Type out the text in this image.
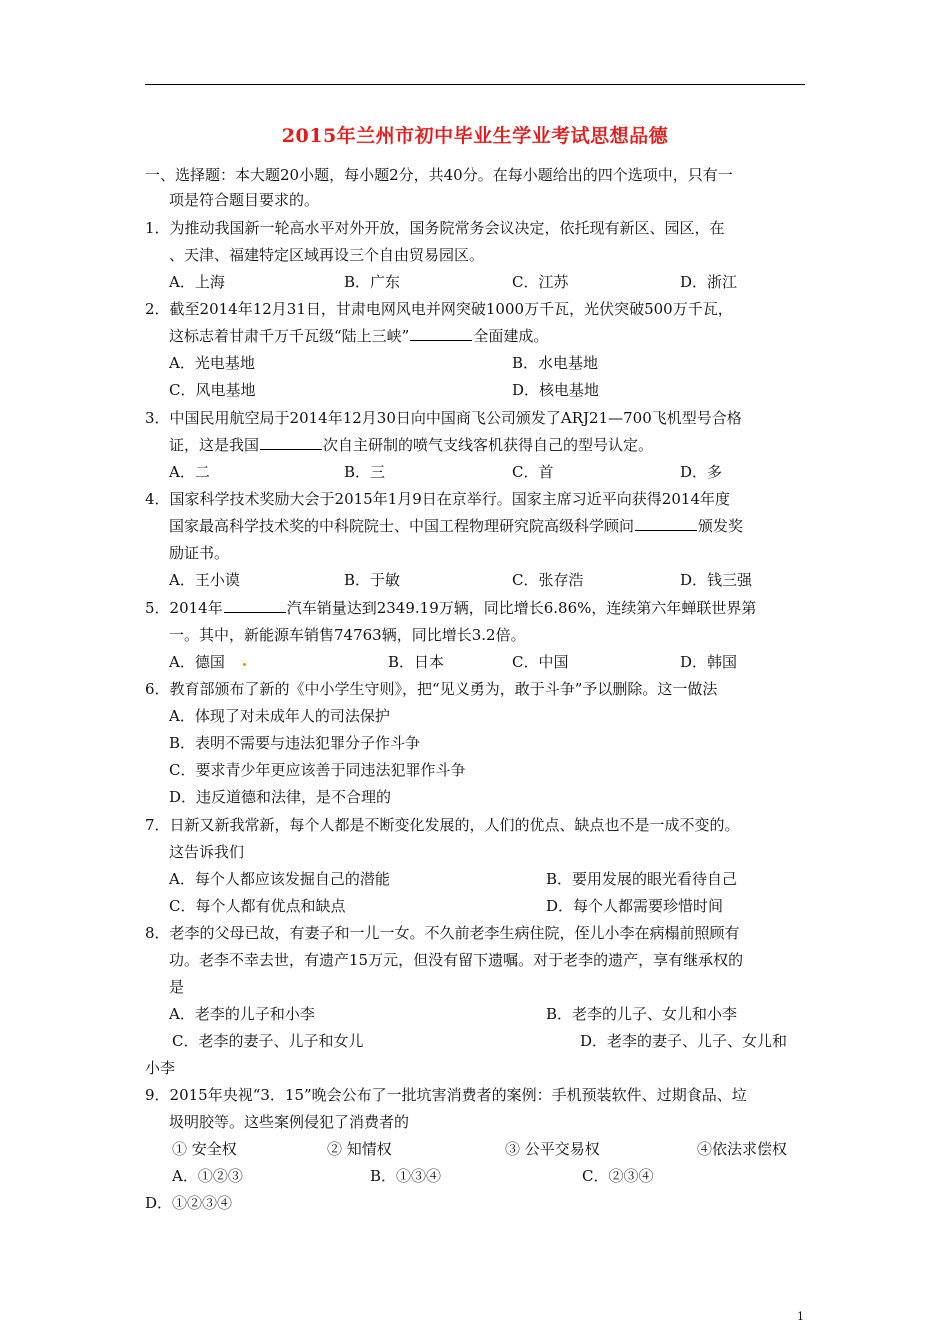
2015年兰州市初中毕业生学业考试思想品德
一、选择题：本大题20小题，每小题2分，共40分。在每小题给出的四个选项中，只有一
项是符合题目要求的。
1．为推动我国新一轮高水平对外开放，国务院常务会议决定，依托现有新区、园区，在
、天津、福建特定区域再设三个自由贸易园区。
A．上海	B．广东	C．江苏	D．浙江
2．截至2014年12月31日，甘肃电网风电并网突破1000万千瓦，光伏突破500万千瓦，
这标志着甘肃千万千瓦级“陆上三峡”	全面建成。
A．光电基地	B．水电基地
C．风电基地	D．核电基地
3．中国民用航空局于2014年12月30日向中国商飞公司颁发了ARJ21—700飞机型号合格
证，这是我国	次自主研制的喷气支线客机获得自己的型号认定。
A．二	B．三	C．首	D．多
4．国家科学技术奖励大会于2015年1月9日在京举行。国家主席习近平向获得2014年度
国家最高科学技术奖的中科院院士、中国工程物理研究院高级科学顾问	颁发奖
励证书。
A．王小谟	B．于敏	C．张存浩	D．钱三强
5．2014年	汽车销量达到2349.19万辆，同比增长6.86%，连续第六年蝉联世界第
一。其中，新能源车销售74763辆，同比增长3.2倍。
A．德国	B．日本	C．中国	D．韩国
6．教育部颁布了新的《中小学生守则》，把“见义勇为，敢于斗争”予以删除。这一做法
A．体现了对未成年人的司法保护
B．表明不需要与违法犯罪分子作斗争
C．要求青少年更应该善于同违法犯罪作斗争
D．违反道德和法律，是不合理的
7．日新又新我常新，每个人都是不断变化发展的，人们的优点、缺点也不是一成不变的。
这告诉我们
A．每个人都应该发掘自己的潜能	B．要用发展的眼光看待自己
C．每个人都有优点和缺点	D．每个人都需要珍惜时间
8．老李的父母已故，有妻子和一儿一女。不久前老李生病住院，侄儿小李在病榻前照顾有
功。老李不幸去世，有遗产15万元，但没有留下遗嘱。对于老李的遗产，享有继承权的
是
A．老李的儿子和小李	B．老李的儿子、女儿和小李
C．老李的妻子、儿子和女儿	D．老李的妻子、儿子、女儿和
小李
9．2015年央视“3．15”晚会公布了一批坑害消费者的案例：手机预装软件、过期食品、垃
圾明胶等。这些案例侵犯了消费者的
① 安全权	② 知情权	③ 公平交易权	④依法求偿权
A．①②③	B．①③④	C．②③④
D．①②③④
1
